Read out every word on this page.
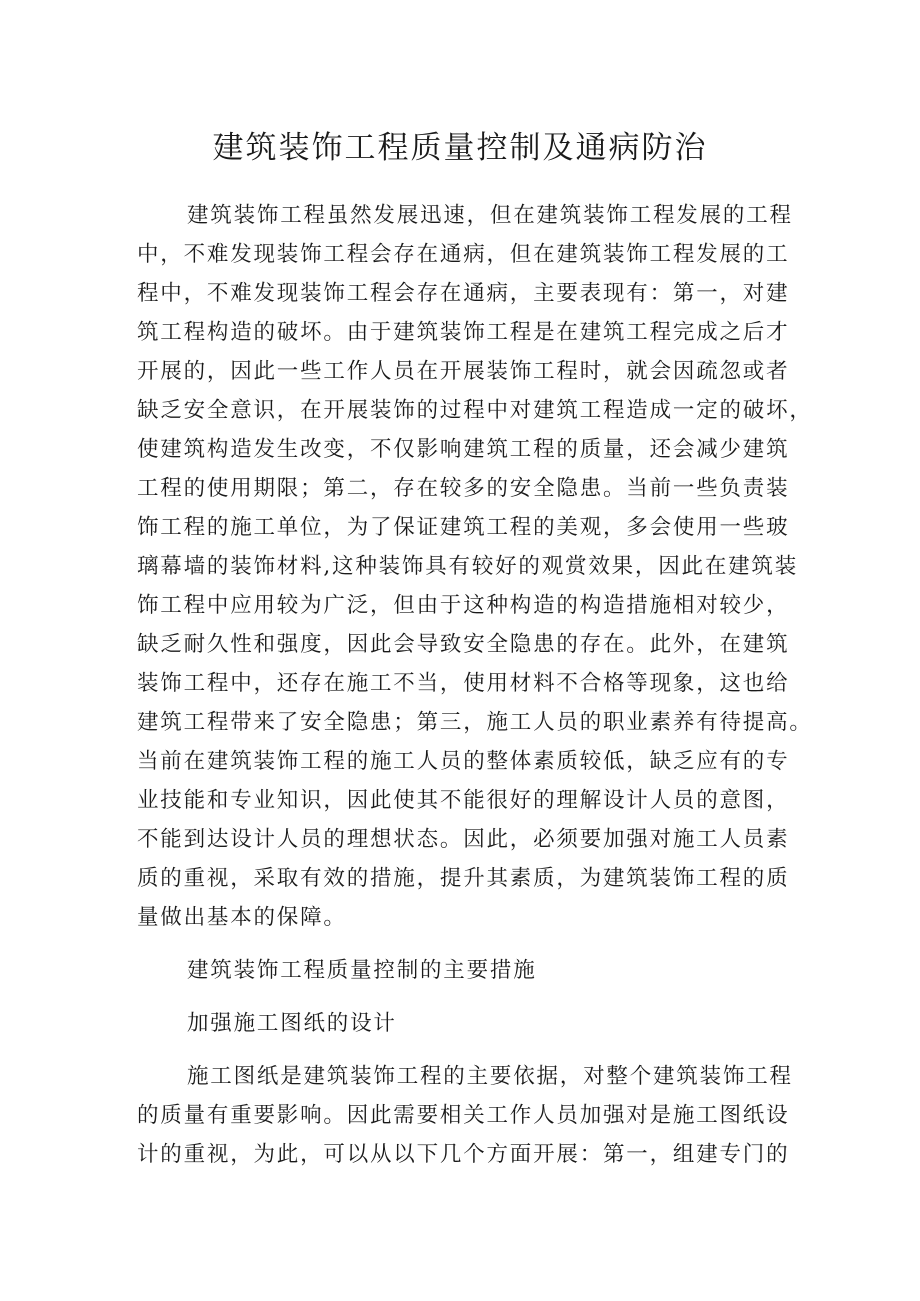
建筑装饰工程质量控制及通病防治

建筑装饰工程虽然发展迅速，但在建筑装饰工程发展的工程

中，不难发现装饰工程会存在通病，但在建筑装饰工程发展的工

程中，不难发现装饰工程会存在通病，主要表现有：第一，对建

筑工程构造的破坏。由于建筑装饰工程是在建筑工程完成之后才

开展的，因此一些工作人员在开展装饰工程时，就会因疏忽或者

缺乏安全意识，在开展装饰的过程中对建筑工程造成一定的破坏，

使建筑构造发生改变，不仅影响建筑工程的质量，还会减少建筑

工程的使用期限；第二，存在较多的安全隐患。当前一些负责装

饰工程的施工单位，为了保证建筑工程的美观，多会使用一些玻

璃幕墙的装饰材料,这种装饰具有较好的观赏效果，因此在建筑装

饰工程中应用较为广泛，但由于这种构造的构造措施相对较少，

缺乏耐久性和强度，因此会导致安全隐患的存在。此外，在建筑

装饰工程中，还存在施工不当，使用材料不合格等现象，这也给

建筑工程带来了安全隐患；第三，施工人员的职业素养有待提高。

当前在建筑装饰工程的施工人员的整体素质较低，缺乏应有的专

业技能和专业知识，因此使其不能很好的理解设计人员的意图，

不能到达设计人员的理想状态。因此，必须要加强对施工人员素

质的重视，采取有效的措施，提升其素质，为建筑装饰工程的质

量做出基本的保障。

建筑装饰工程质量控制的主要措施

加强施工图纸的设计

施工图纸是建筑装饰工程的主要依据，对整个建筑装饰工程

的质量有重要影响。因此需要相关工作人员加强对是施工图纸设

计的重视，为此，可以从以下几个方面开展：第一，组建专门的
